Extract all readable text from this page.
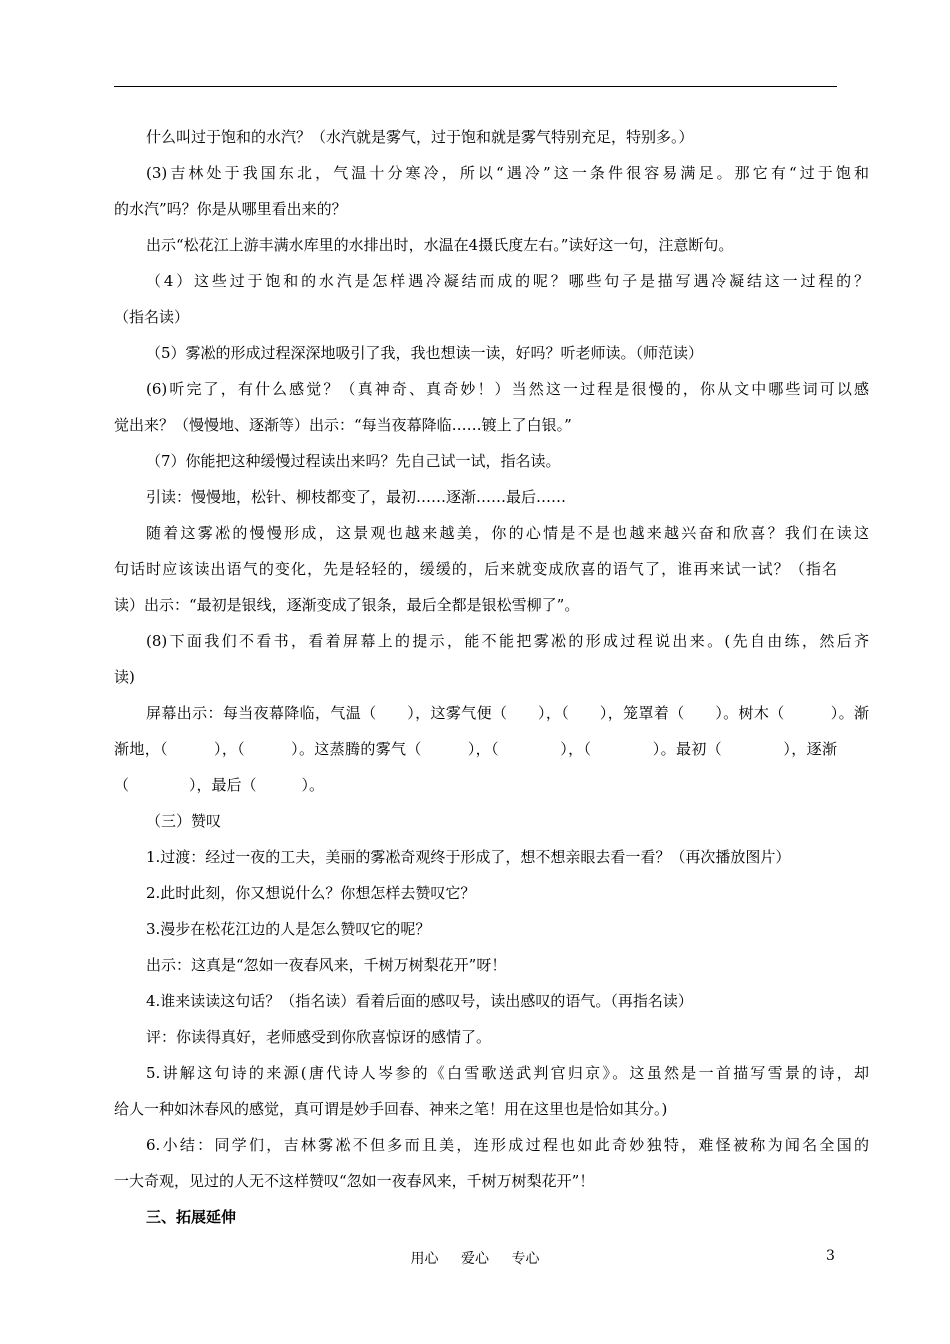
什么叫过于饱和的水汽？（水汽就是雾气，过于饱和就是雾气特别充足，特别多。）
(3)吉林处于我国东北，气温十分寒冷，所以“遇冷”这一条件很容易满足。那它有“过于饱和
的水汽”吗？你是从哪里看出来的？
出示“松花江上游丰满水库里的水排出时，水温在4摄氏度左右。”读好这一句，注意断句。
（4）这些过于饱和的水汽是怎样遇冷凝结而成的呢？哪些句子是描写遇冷凝结这一过程的？
（指名读）
（5）雾凇的形成过程深深地吸引了我，我也想读一读，好吗？听老师读。（师范读）
(6)听完了，有什么感觉？（真神奇、真奇妙！）当然这一过程是很慢的，你从文中哪些词可以感
觉出来？（慢慢地、逐渐等）出示：“每当夜幕降临……镀上了白银。”
（7）你能把这种缓慢过程读出来吗？先自己试一试，指名读。
引读：慢慢地，松针、柳枝都变了，最初……逐渐……最后……
随着这雾凇的慢慢形成，这景观也越来越美，你的心情是不是也越来越兴奋和欣喜？我们在读这
句话时应该读出语气的变化，先是轻轻的，缓缓的，后来就变成欣喜的语气了，谁再来试一试？（指名
读）出示：“最初是银线，逐渐变成了银条，最后全都是银松雪柳了”。
(8)下面我们不看书，看着屏幕上的提示，能不能把雾凇的形成过程说出来。(先自由练，然后齐
读)
屏幕出示：每当夜幕降临，气温（　　），这雾气便（　　），（　　），笼罩着（　　）。树木（　　　）。渐
渐地，（　　　），（　　　）。这蒸腾的雾气（　　　），（　　　　），（　　　　）。最初（　　　　），逐渐
（　　　　），最后（　　　）。
（三）赞叹
1.过渡：经过一夜的工夫，美丽的雾凇奇观终于形成了，想不想亲眼去看一看？（再次播放图片）
2.此时此刻，你又想说什么？你想怎样去赞叹它？
3.漫步在松花江边的人是怎么赞叹它的呢？
出示：这真是“忽如一夜春风来，千树万树梨花开”呀！
4.谁来读读这句话？（指名读）看着后面的感叹号，读出感叹的语气。（再指名读）
评：你读得真好，老师感受到你欣喜惊讶的感情了。
5.讲解这句诗的来源(唐代诗人岑参的《白雪歌送武判官归京》。这虽然是一首描写雪景的诗，却
给人一种如沐春风的感觉，真可谓是妙手回春、神来之笔！用在这里也是恰如其分。)
6.小结：同学们，吉林雾凇不但多而且美，连形成过程也如此奇妙独特，难怪被称为闻名全国的
一大奇观，见过的人无不这样赞叹“忽如一夜春风来，千树万树梨花开”！
三、拓展延伸
用心 爱心 专心	3
